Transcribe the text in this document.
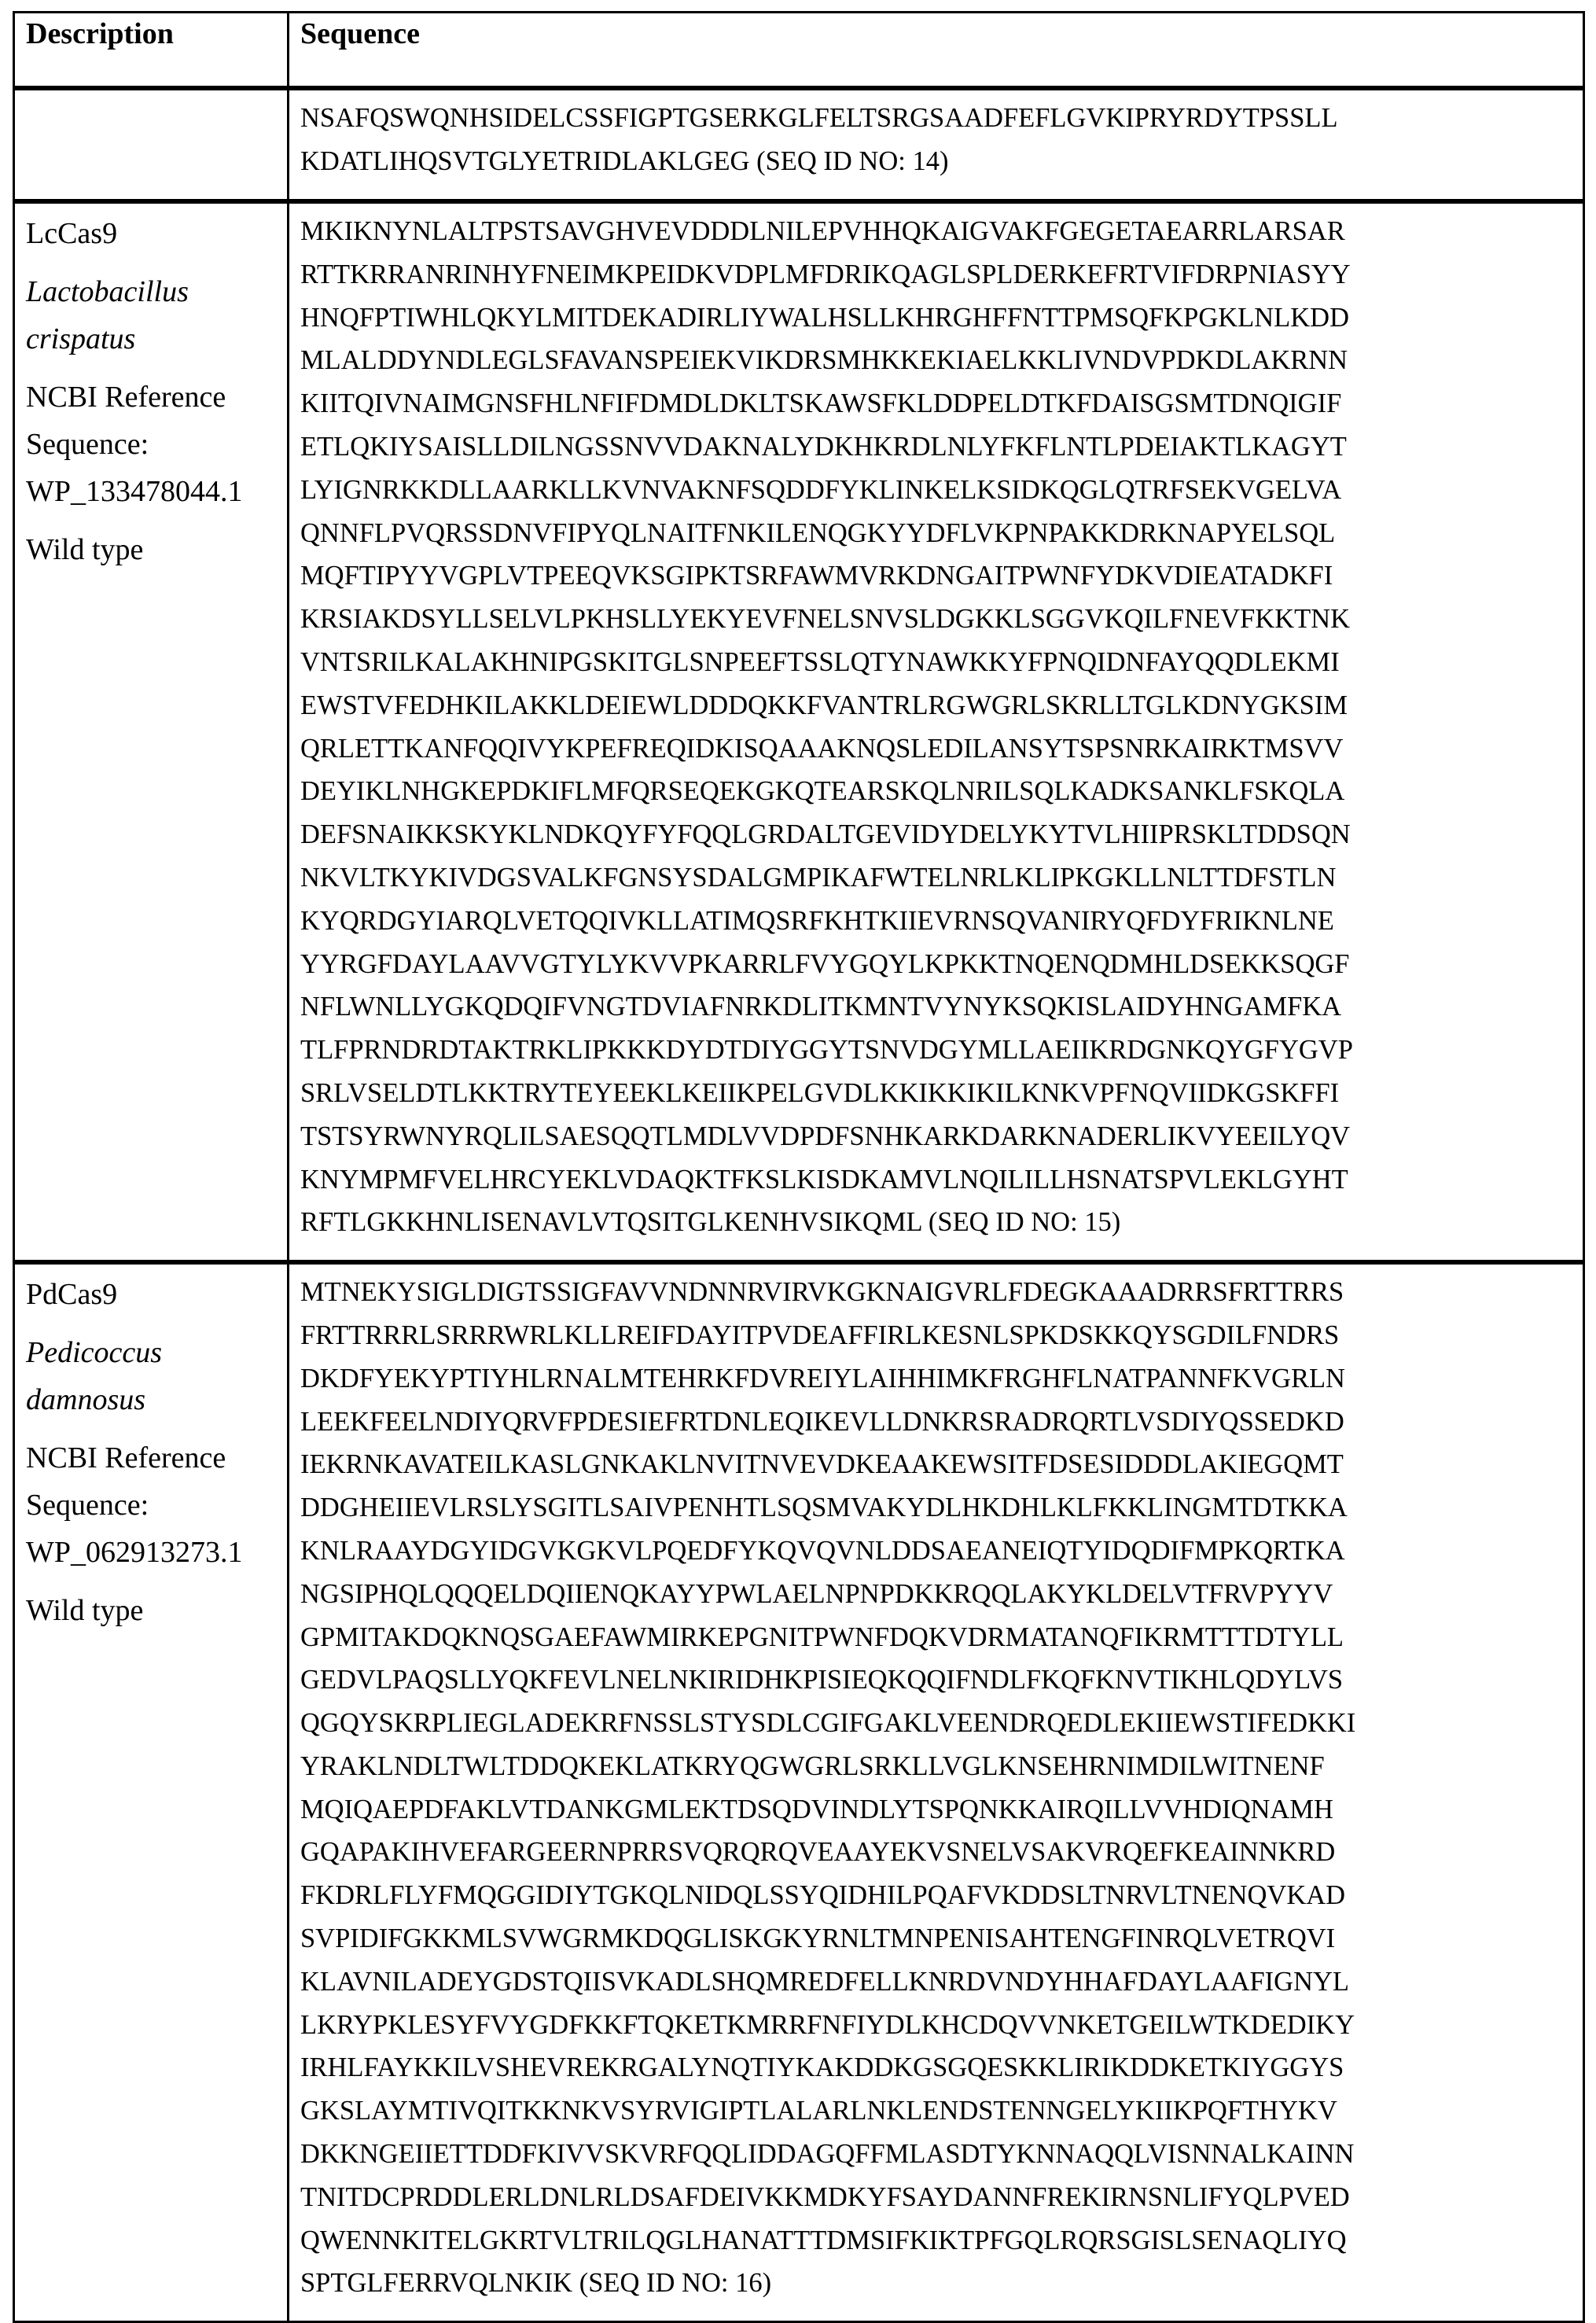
Description	Sequence

NSAFQSWQNHSIDELCSSFIGPTGSERKGLFELTSRGSAADFEFLGVKIPRYRDYTPSSLL
KDATLIHQSVTGLYETRIDLAKLGEG (SEQ ID NO: 14)

LcCas9

Lactobacillus crispatus

NCBI Reference Sequence: WP_133478044.1

Wild type

MKIKNYNLALTPSTSAVGHVEVDDDLNILEPVHHQKAIGVAKFGEGETAEARRLARSAR
RTTKRRANRINHYFNEIMKPEIDKVDPLMFDRIKQAGLSPLDERKEFRTVIFDRPNIASYY
HNQFPTIWHLQKYLMITDEKADIRLIYWALHSLLKHRGHFFNTTPMSQFKPGKLNLKDD
MLALDDYNDLEGLSFAVANSPEIEKVIKDRSMHKKEKIAELKKLIVNDVPDKDLAKRNN
KIITQIVNAIMGNSFHLNFIFDMDLDKLTSKAWSFKLDDPELDTKFDAISGSMTDNQIGIF
ETLQKIYSAISLLDILNGSSNVVDAKNALYDKHKRDLNLYFKFLNTLPDEIAKTLKAGYT
LYIGNRKKDLLAARKLLKVNVAKNFSQDDFYKLINKELKSIDKQGLQTRFSEKVGELVA
QNNFLPVQRSSDNVFIPYQLNAITFNKILENQGKYYDFLVKPNPAKKDRKNAPYELSQL
MQFTIPYYVGPLVTPEEQVKSGIPKTSRFAWMVRKDNGAITPWNFYDKVDIEATADKFI
KRSIAKDSYLLSELVLPKHSLLYEKYEVFNELSNVSLDGKKLSGGVKQILFNEVFKKTNK
VNTSRILKALAKHNIPGSKITGLSNPEEFTSSLQTYNAWKKYFPNQIDNFAYQQDLEKMI
EWSTVFEDHKILAKKLDEIEWLDDDQKKFVANTRLRGWGRLSKRLLTGLKDNYGKSIM
QRLETTKANFQQIVYKPEFREQIDKISQAAAKNQSLEDILANSYTSPSNRKAIRKTMSVV
DEYIKLNHGKEPDKIFLMFQRSEQEKGKQTEARSKQLNRILSQLKADKSANKLFSKQLA
DEFSNAIKKSKYKLNDKQYFYFQQLGRDALTGEVIDYDELYKYTVLHIIPRSKLTDDSQN
NKVLTKYKIVDGSVALKFGNSYSDALGMPIKAFWTELNRLKLIPKGKLLNLTTDFSTLN
KYQRDGYIARQLVETQQIVKLLATIMQSRFKHTKIIEVRNSQVANIRYQFDYFRIKNLNE
YYRGFDAYLAAVVGTYLYKVVPKARRLFVYGQYLKPKKTNQENQDMHLDSEKKSQGF
NFLWNLLYGKQDQIFVNGTDVIAFNRKDLITKMNTVYNYKSQKISLAIDYHNGAMFKA
TLFPRNDRDTAKTRKLIPKKKDYDTDIYGGYTSNVDGYMLLAEIIKRDGNKQYGFYGVP
SRLVSELDTLKKTRYTEYEEKLKEIIKPELGVDLKKIKKIKILKNKVPFNQVIIDKGSKFFI
TSTSYRWNYRQLILSAESQQTLMDLVVDPDFSNHKARKDARKNADERLIKVYEEILYQV
KNYMPMFVELHRCYEKLVDAQKTFKSLKISDKAMVLNQILILLHSNATSPVLEKLGYHT
RFTLGKKHNLISENAVLVTQSITGLKENHVSIKQML (SEQ ID NO: 15)

PdCas9

Pedicoccus damnosus

NCBI Reference Sequence: WP_062913273.1

Wild type

MTNEKYSIGLDIGTSSIGFAVVNDNNRVIRVKGKNAIGVRLFDEGKAAADRRSFRTTRRS
FRTTRRRLSRRRWRLKLLREIFDAYITPVDEAFFIRLKESNLSPKDSKKQYSGDILFNDRS
DKDFYEKYPTIYHLRNALMTEHRKFDVREIYLAIHHIMKFRGHFLNATPANNFKVGRLN
LEEKFEELNDIYQRVFPDESIEFRTDNLEQIKEVLLDNKRSRADRQRTLVSDIYQSSEDKD
IEKRNKAVATEILKASLGNKAKLNVITNVEVDKEAAKEWSITFDSESIDDDLAKIEGQMT
DDGHEIIEVLRSLYSGITLSAIVPENHTLSQSMVAKYDLHKDHLKLFKKLINGMTDTKKA
KNLRAAYDGYIDGVKGKVLPQEDFYKQVQVNLDDSAEANEIQTYIDQDIFMPKQRTKA
NGSIPHQLQQQELDQIIENQKAYYPWLAELNPNPDKKRQQLAKYKLDELVTFRVPYYV
GPMITAKDQKNQSGAEFAWMIRKEPGNITPWNFDQKVDRMATANQFIKRMTTTDTYLL
GEDVLPAQSLLYQKFEVLNELNKIRIDHKPISIEQKQQIFNDLFKQFKNVTIKHLQDYLVS
QGQYSKRPLIEGLADEKRFNSSLSTYSDLCGIFGAKLVEENDRQEDLEKIIEWSTIFEDKKI
YRAKLNDLTWLTDDQKEKLATKRYQGWGRLSRKLLVGLKNSEHRNIMDILWITNENF
MQIQAEPDFAKLVTDANKGMLEKTDSQDVINDLYTSPQNKKAIRQILLVVHDIQNAMH
GQAPAKIHVEFARGEERNPRRSVQRQRQVEAAYEKVSNELVSAKVRQEFKEAINNKRD
FKDRLFLYFMQGGIDIYTGKQLNIDQLSSYQIDHILPQAFVKDDSLTNRVLTNENQVKAD
SVPIDIFGKKMLSVWGRMKDQGLISKGKYRNLTMNPENISAHTENGFINRQLVETRQVI
KLAVNILADEYGDSTQIISVKADLSHQMREDFELLKNRDVNDYHHAFDAYLAAFIGNYL
LKRYPKLESYFVYGDFKKFTQKETKMRRFNFIYDLKHCDQVVNKETGEILWTKDEDIKY
IRHLFAYKKILVSHEVREKRGALYNQTIYKAKDDKGSGQESKKLIRIKDDKETKIYGGYS
GKSLAYMTIVQITKKNKVSYRVIGIPTLALARLNKLENDSTENNGELYKIIKPQFTHYKV
DKKNGEIIETTDDFKIVVSKVRFQQLIDDAGQFFMLASDTYKNNAQQLVISNNALKAINN
TNITDCPRDDLERLDNLRLDSAFDEIVKKMDKYFSAYDANNFREKIRNSNLIFYQLPVED
QWENNKITELGKRTVLTRILQGLHANATTTDMSIFKIKTPFGQLRQRSGISLSENAQLIYQ
SPTGLFERRVQLNKIK (SEQ ID NO: 16)
